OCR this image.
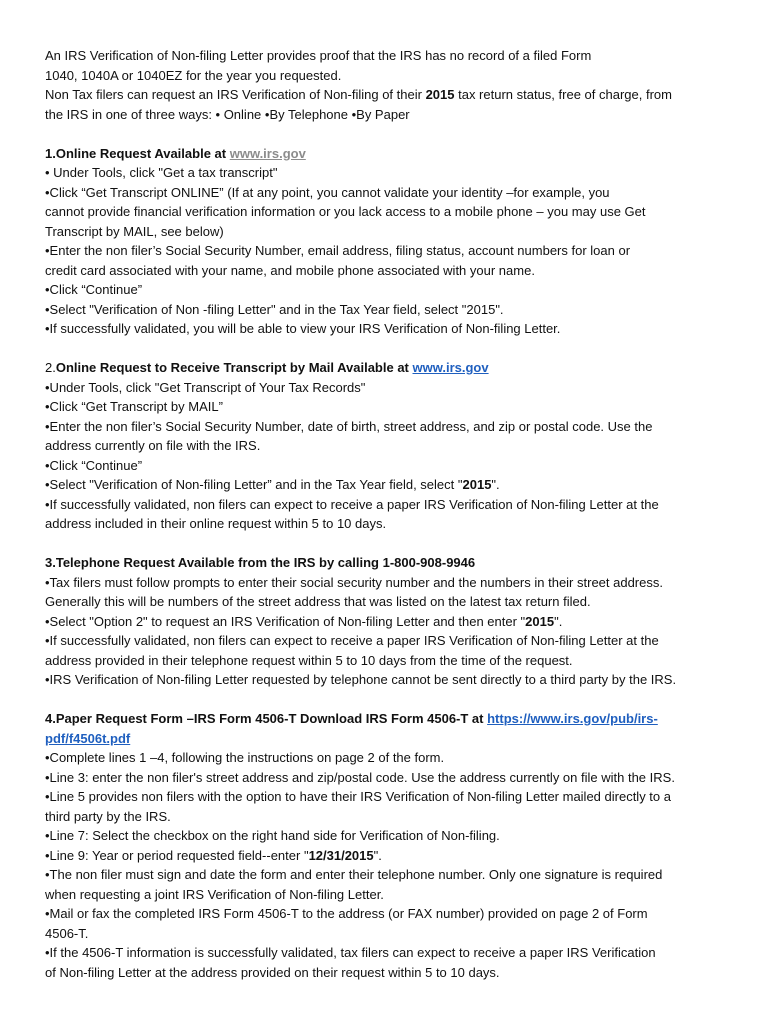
An IRS Verification of Non-filing Letter provides proof that the IRS has no record of a filed Form

1040, 1040A or 1040EZ for the year you requested.

Non Tax filers can request an IRS Verification of Non-filing of their 2015 tax return status, free of charge, from

the IRS in one of three ways: • Online •By Telephone •By Paper

1.Online Request Available at www.irs.gov

• Under Tools, click "Get a tax transcript"

•Click “Get Transcript ONLINE” (If at any point, you cannot validate your identity –for example, you

cannot provide financial verification information or you lack access to a mobile phone – you may use Get

Transcript by MAIL, see below)

•Enter the non filer’s Social Security Number, email address, filing status, account numbers for loan or

credit card associated with your name, and mobile phone associated with your name.

•Click “Continue”

•Select "Verification of Non -filing Letter" and in the Tax Year field, select "2015".

•If successfully validated, you will be able to view your IRS Verification of Non-filing Letter.

2.Online Request to Receive Transcript by Mail Available at www.irs.gov

•Under Tools, click "Get Transcript of Your Tax Records"

•Click “Get Transcript by MAIL”

•Enter the non filer’s Social Security Number, date of birth, street address, and zip or postal code. Use the

address currently on file with the IRS.

•Click “Continue”

•Select "Verification of Non-filing Letter” and in the Tax Year field, select "2015".

•If successfully validated, non filers can expect to receive a paper IRS Verification of Non-filing Letter at the

address included in their online request within 5 to 10 days.

3.Telephone Request Available from the IRS by calling 1-800-908-9946

•Tax filers must follow prompts to enter their social security number and the numbers in their street address.

Generally this will be numbers of the street address that was listed on the latest tax return filed.

•Select "Option 2" to request an IRS Verification of Non-filing Letter and then enter "2015".

•If successfully validated, non filers can expect to receive a paper IRS Verification of Non-filing Letter at the

address provided in their telephone request within 5 to 10 days from the time of the request.

•IRS Verification of Non-filing Letter requested by telephone cannot be sent directly to a third party by the IRS.

4.Paper Request Form –IRS Form 4506-T Download IRS Form 4506-T at https://www.irs.gov/pub/irs-

pdf/f4506t.pdf

•Complete lines 1 –4, following the instructions on page 2 of the form.

•Line 3: enter the non filer's street address and zip/postal code. Use the address currently on file with the IRS.

•Line 5 provides non filers with the option to have their IRS Verification of Non-filing Letter mailed directly to a

third party by the IRS.

•Line 7: Select the checkbox on the right hand side for Verification of Non-filing.

•Line 9: Year or period requested field--enter "12/31/2015".

•The non filer must sign and date the form and enter their telephone number. Only one signature is required

when requesting a joint IRS Verification of Non-filing Letter.

•Mail or fax the completed IRS Form 4506-T to the address (or FAX number) provided on page 2 of Form

4506-T.

•If the 4506-T information is successfully validated, tax filers can expect to receive a paper IRS Verification

of Non-filing Letter at the address provided on their request within 5 to 10 days.
